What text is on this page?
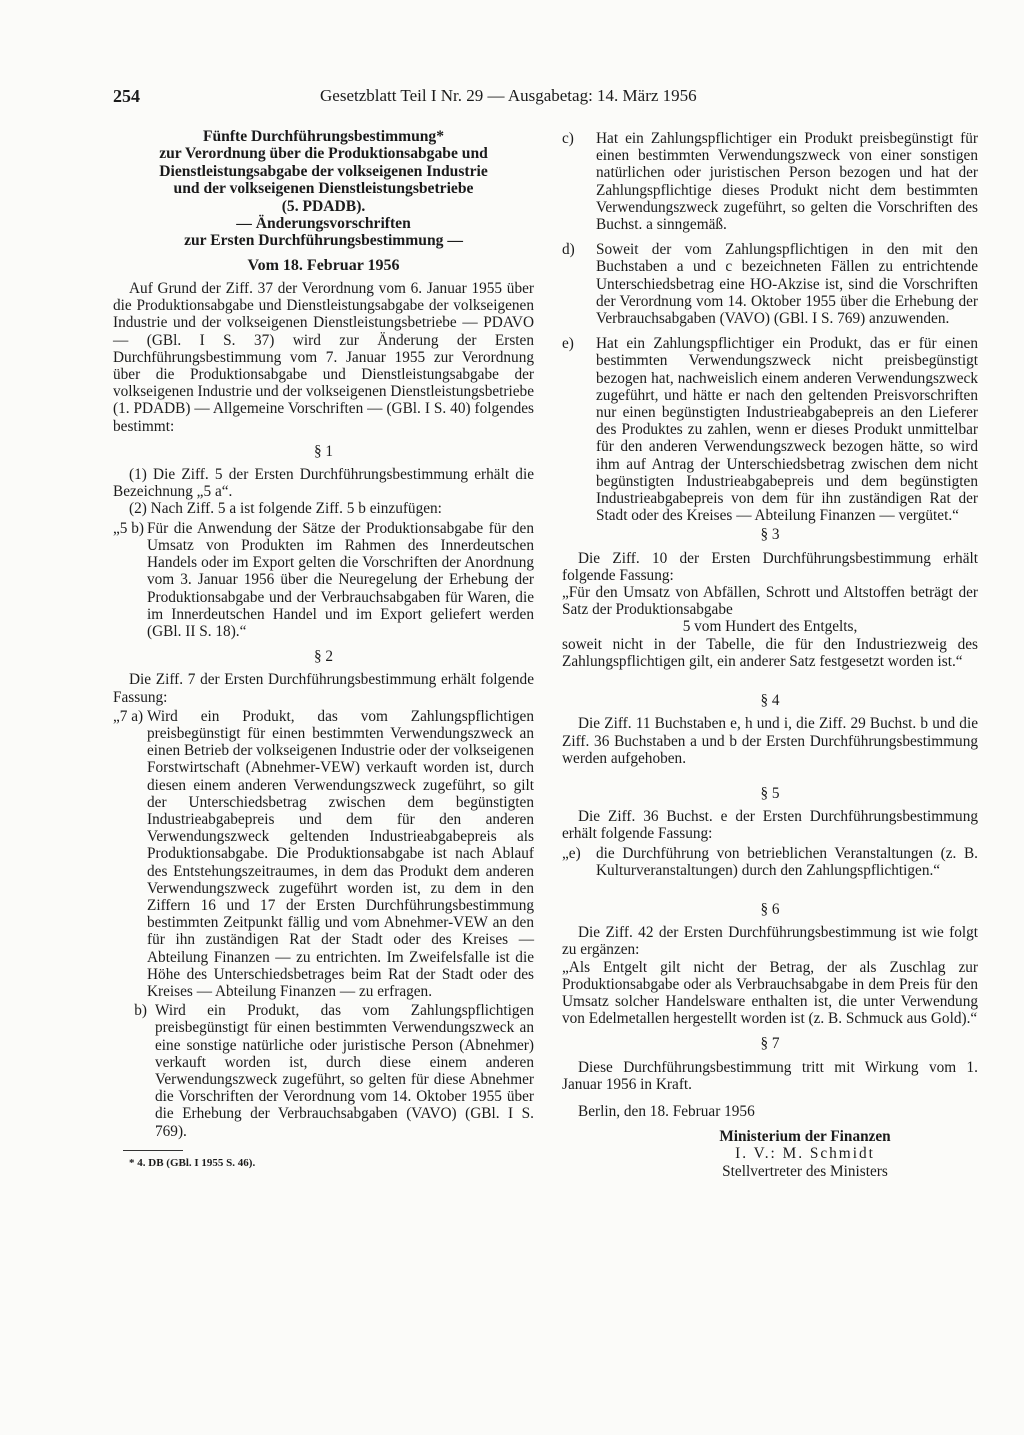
254	Gesetzblatt Teil I Nr. 29 — Ausgabetag: 14. März 1956
Fünfte Durchführungsbestimmung*
zur Verordnung über die Produktionsabgabe und
Dienstleistungsabgabe der volkseigenen Industrie
und der volkseigenen Dienstleistungsbetriebe
(5. PDADB).
— Änderungsvorschriften
zur Ersten Durchführungsbestimmung —
Vom 18. Februar 1956

Auf Grund der Ziff. 37 der Verordnung vom 6. Januar 1955 über die Produktionsabgabe und Dienstleistungsabgabe der volkseigenen Industrie und der volkseigenen Dienstleistungsbetriebe — PDAVO — (GBl. I S. 37) wird zur Änderung der Ersten Durchführungsbestimmung vom 7. Januar 1955 zur Verordnung über die Produktionsabgabe und Dienstleistungsabgabe der volkseigenen Industrie und der volkseigenen Dienstleistungsbetriebe (1. PDADB) — Allgemeine Vorschriften — (GBl. I S. 40) folgendes bestimmt:

§ 1

(1) Die Ziff. 5 der Ersten Durchführungsbestimmung erhält die Bezeichnung „5 a“.

(2) Nach Ziff. 5 a ist folgende Ziff. 5 b einzufügen:

„5 b) Für die Anwendung der Sätze der Produktionsabgabe für den Umsatz von Produkten im Rahmen des Innerdeutschen Handels oder im Export gelten die Vorschriften der Anordnung vom 3. Januar 1956 über die Neuregelung der Erhebung der Produktionsabgabe und der Verbrauchsabgaben für Waren, die im Innerdeutschen Handel und im Export geliefert werden (GBl. II S. 18).“
§ 2

Die Ziff. 7 der Ersten Durchführungsbestimmung erhält folgende Fassung:

„7 a) Wird ein Produkt, das vom Zahlungspflichtigen preisbegünstigt für einen bestimmten Verwendungszweck an einen Betrieb der volkseigenen Industrie oder der volkseigenen Forstwirtschaft (Abnehmer-VEW) verkauft worden ist, durch diesen einem anderen Verwendungszweck zugeführt, so gilt der Unterschiedsbetrag zwischen dem begünstigten Industrieabgabepreis und dem für den anderen Verwendungszweck geltenden Industrieabgabepreis als Produktionsabgabe. Die Produktionsabgabe ist nach Ablauf des Entstehungszeitraumes, in dem das Produkt dem anderen Verwendungszweck zugeführt worden ist, zu dem in den Ziffern 16 und 17 der Ersten Durchführungsbestimmung bestimmten Zeitpunkt fällig und vom Abnehmer-VEW an den für ihn zuständigen Rat der Stadt oder des Kreises — Abteilung Finanzen — zu entrichten. Im Zweifelsfalle ist die Höhe des Unterschiedsbetrages beim Rat der Stadt oder des Kreises — Abteilung Finanzen — zu erfragen.
b) Wird ein Produkt, das vom Zahlungspflichtigen preisbegünstigt für einen bestimmten Verwendungszweck an eine sonstige natürliche oder juristische Person (Abnehmer) verkauft worden ist, durch diese einem anderen Verwendungszweck zugeführt, so gelten für diese Abnehmer die Vorschriften der Verordnung vom 14. Oktober 1955 über die Erhebung der Verbrauchsabgaben (VAVO) (GBl. I S. 769).
* 4. DB (GBl. I 1955 S. 46).
c)	Hat ein Zahlungspflichtiger ein Produkt preisbegünstigt für einen bestimmten Verwendungszweck von einer sonstigen natürlichen oder juristischen Person bezogen und hat der Zahlungspflichtige dieses Produkt nicht dem bestimmten Verwendungszweck zugeführt, so gelten die Vorschriften des Buchst. a sinngemäß.
d)	Soweit der vom Zahlungspflichtigen in den mit den Buchstaben a und c bezeichneten Fällen zu entrichtende Unterschiedsbetrag eine HO-Akzise ist, sind die Vorschriften der Verordnung vom 14. Oktober 1955 über die Erhebung der Verbrauchsabgaben (VAVO) (GBl. I S. 769) anzuwenden.
e)	Hat ein Zahlungspflichtiger ein Produkt, das er für einen bestimmten Verwendungszweck nicht preisbegünstigt bezogen hat, nachweislich einem anderen Verwendungszweck zugeführt, und hätte er nach den geltenden Preisvorschriften nur einen begünstigten Industrieabgabepreis an den Lieferer des Produktes zu zahlen, wenn er dieses Produkt unmittelbar für den anderen Verwendungszweck bezogen hätte, so wird ihm auf Antrag der Unterschiedsbetrag zwischen dem nicht begünstigten Industrieabgabepreis und dem begünstigten Industrieabgabepreis von dem für ihn zuständigen Rat der Stadt oder des Kreises — Abteilung Finanzen — vergütet.“
§ 3

Die Ziff. 10 der Ersten Durchführungsbestimmung erhält folgende Fassung:

„Für den Umsatz von Abfällen, Schrott und Altstoffen beträgt der Satz der Produktionsabgabe

5 vom Hundert des Entgelts,

soweit nicht in der Tabelle, die für den Industriezweig des Zahlungspflichtigen gilt, ein anderer Satz festgesetzt worden ist.“

§ 4

Die Ziff. 11 Buchstaben e, h und i, die Ziff. 29 Buchst. b und die Ziff. 36 Buchstaben a und b der Ersten Durchführungsbestimmung werden aufgehoben.

§ 5

Die Ziff. 36 Buchst. e der Ersten Durchführungsbestimmung erhält folgende Fassung:

„e)	die Durchführung von betrieblichen Veranstaltungen (z. B. Kulturveranstaltungen) durch den Zahlungspflichtigen.“
§ 6

Die Ziff. 42 der Ersten Durchführungsbestimmung ist wie folgt zu ergänzen:

„Als Entgelt gilt nicht der Betrag, der als Zuschlag zur Produktionsabgabe oder als Verbrauchsabgabe in dem Preis für den Umsatz solcher Handelsware enthalten ist, die unter Verwendung von Edelmetallen hergestellt worden ist (z. B. Schmuck aus Gold).“

§ 7

Diese Durchführungsbestimmung tritt mit Wirkung vom 1. Januar 1956 in Kraft.

Berlin, den 18. Februar 1956

Ministerium der Finanzen
I. V.: M. Schmidt
Stellvertreter des Ministers
